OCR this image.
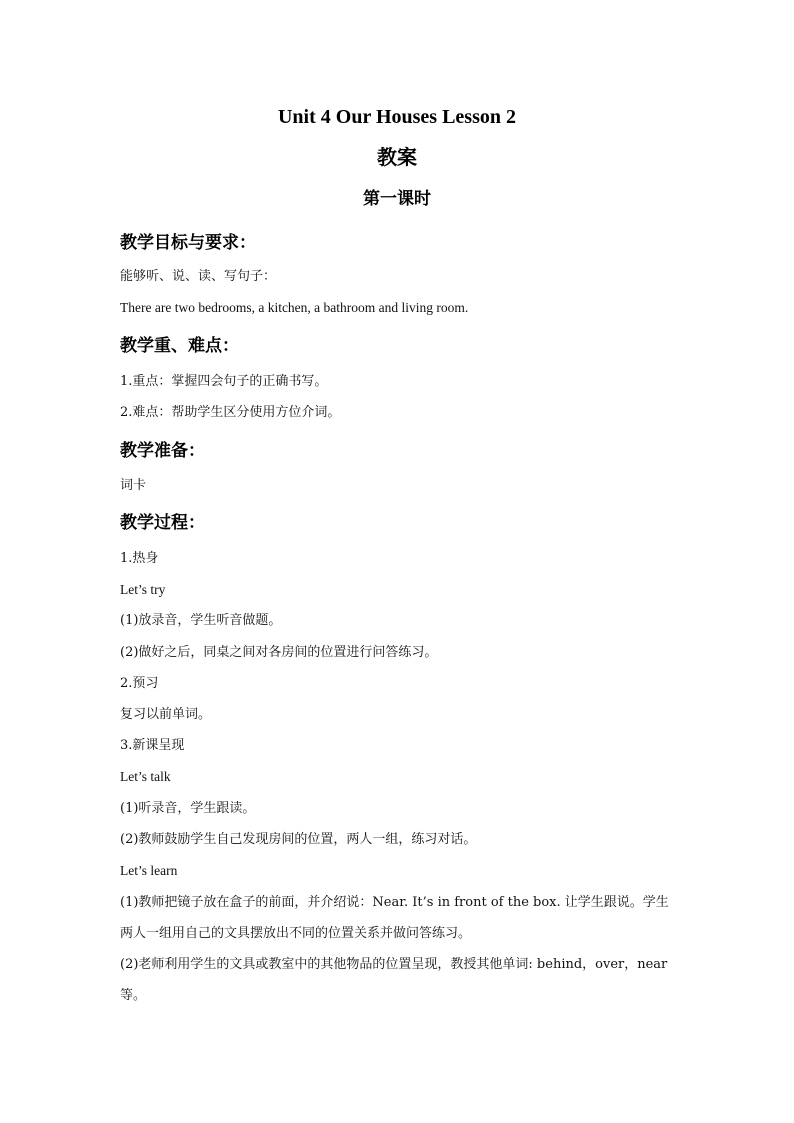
Unit 4 Our Houses Lesson 2
教案
第一课时
教学目标与要求：
能够听、说、读、写句子：
There are two bedrooms, a kitchen, a bathroom and living room.
教学重、难点：
1.重点：掌握四会句子的正确书写。
2.难点：帮助学生区分使用方位介词。
教学准备：
词卡
教学过程：
1.热身
Let’s try
(1)放录音，学生听音做题。
(2)做好之后，同桌之间对各房间的位置进行问答练习。
2.预习
复习以前单词。
3.新课呈现
Let’s talk
(1)听录音，学生跟读。
(2)教师鼓励学生自己发现房间的位置，两人一组，练习对话。
Let’s learn
(1)教师把镜子放在盒子的前面，并介绍说：Near. It’s in front of the box. 让学生跟说。学生
两人一组用自己的文具摆放出不同的位置关系并做问答练习。
(2)老师利用学生的文具或教室中的其他物品的位置呈现，教授其他单词: behind，over，near
等。
